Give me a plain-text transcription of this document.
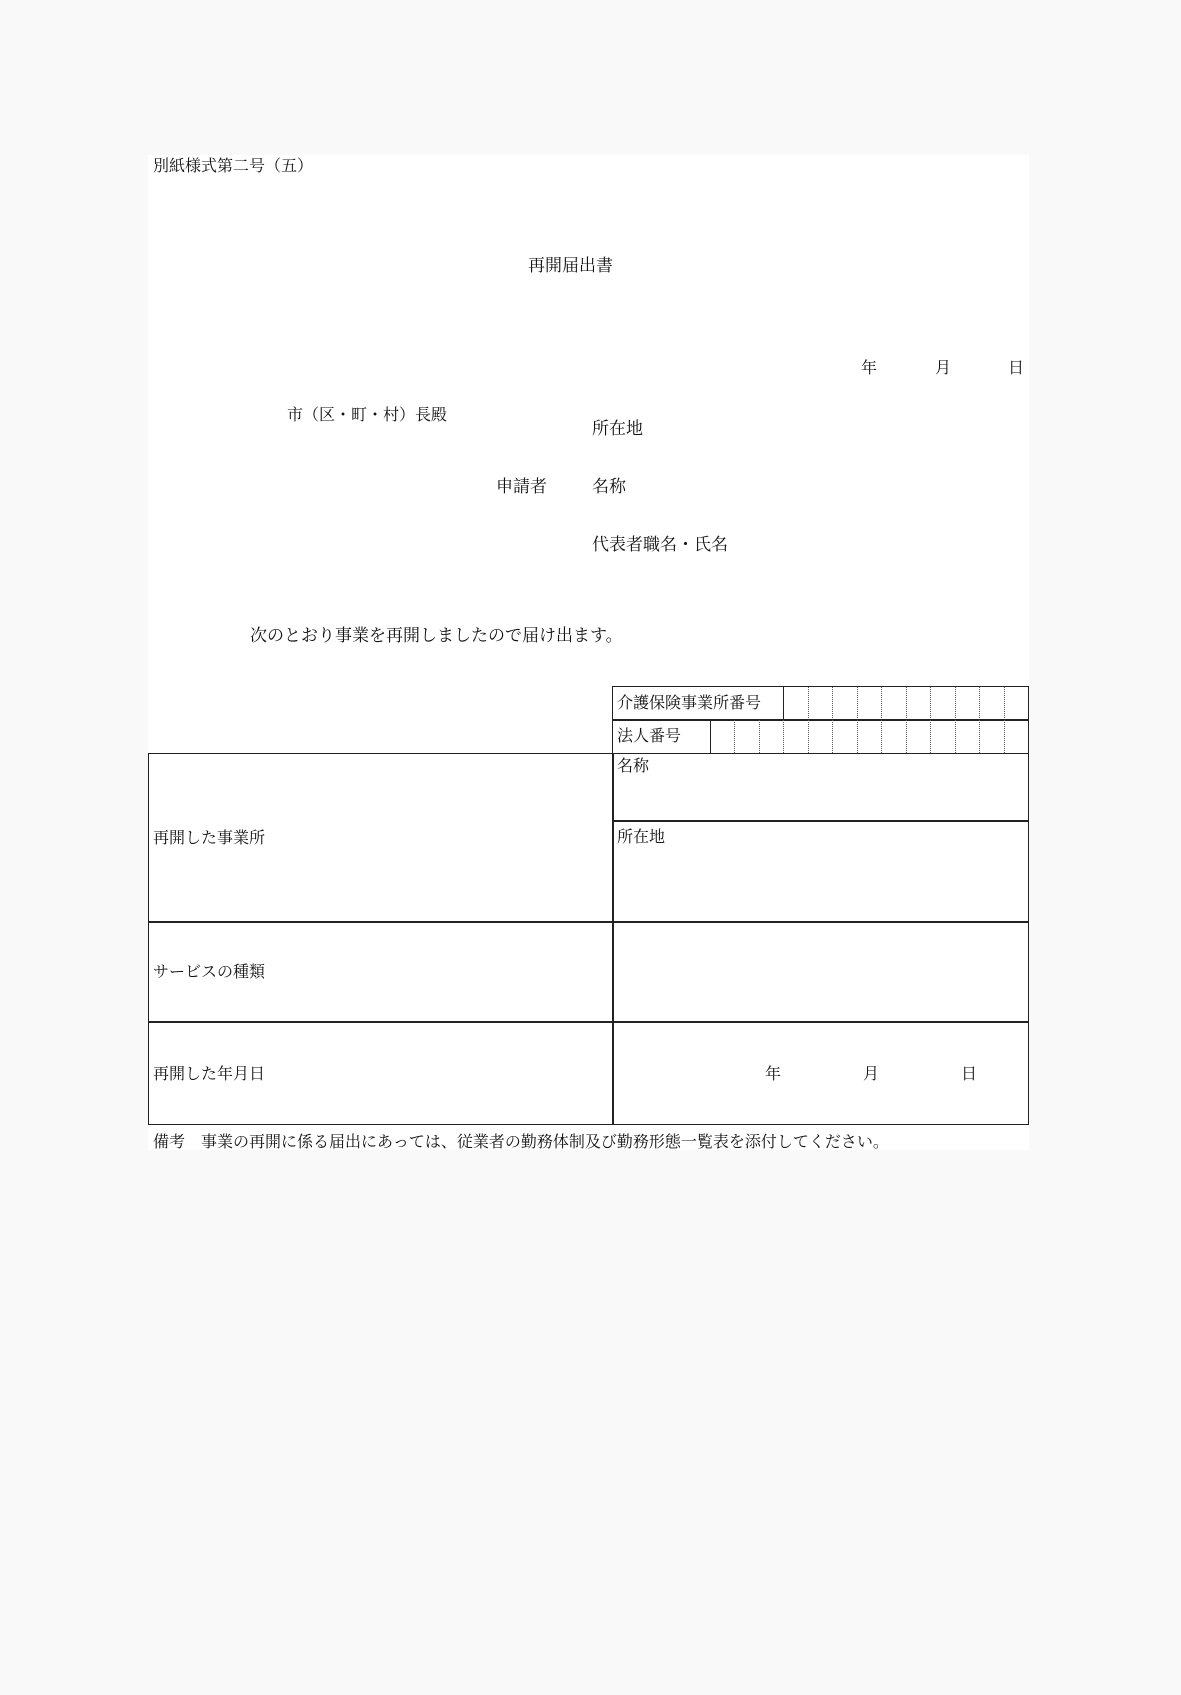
別紙様式第二号（五）
再開届出書
年	月	日
市（区・町・村）長殿
所在地
申請者	名称
代表者職名・氏名
次のとおり事業を再開しましたので届け出ます。
介護保険事業所番号
法人番号
再開した事業所
名称
所在地
サービスの種類
再開した年月日	年	月	日
備考　事業の再開に係る届出にあっては、従業者の勤務体制及び勤務形態一覧表を添付してください。
